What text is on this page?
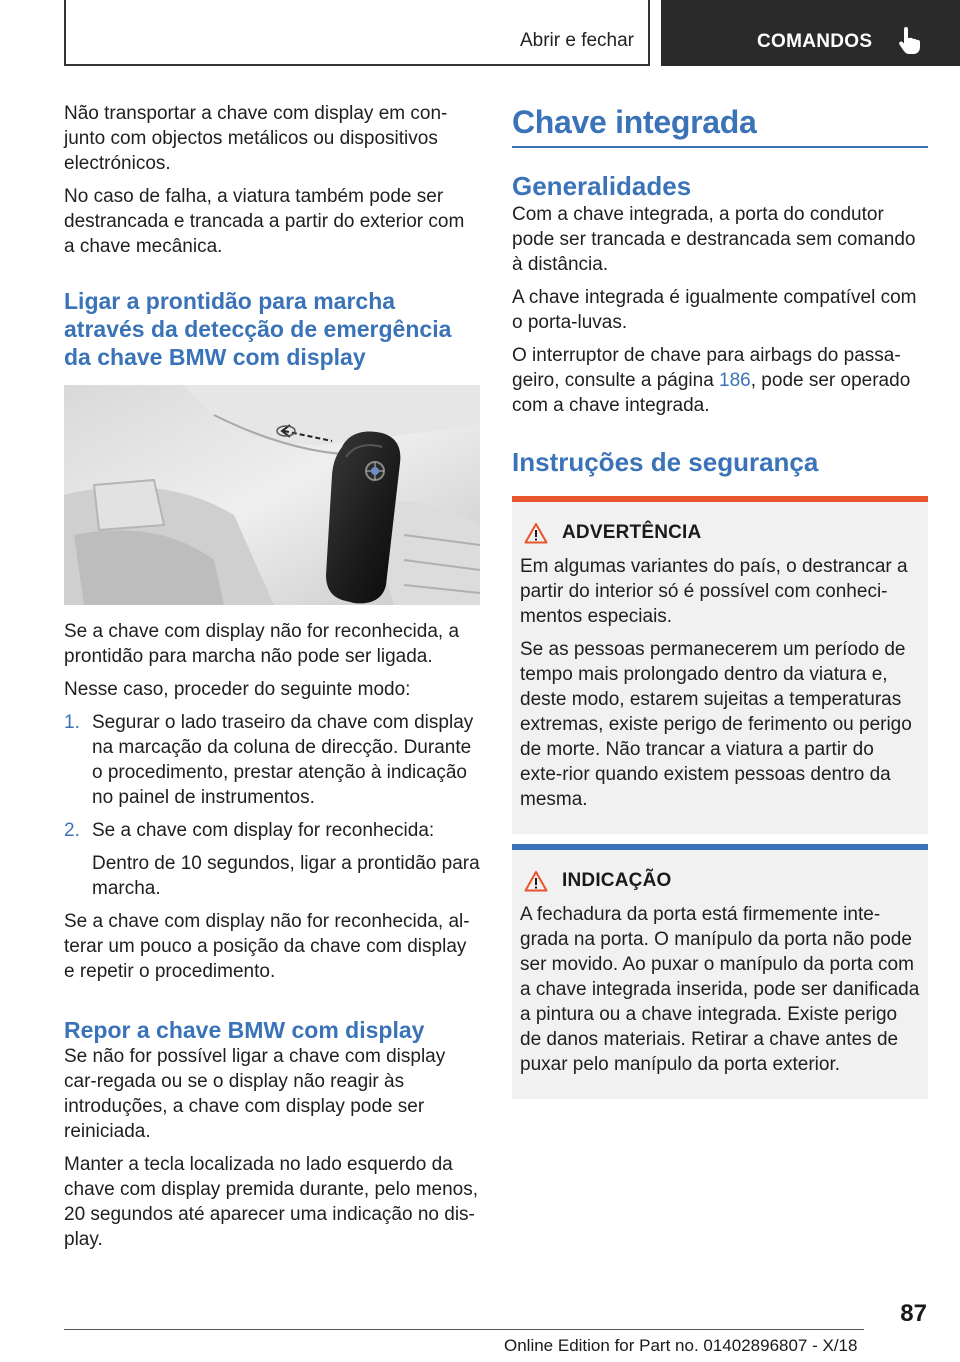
Abrir e fechar	COMANDOS

Não transportar a chave com display em con-junto com objectos metálicos ou dispositivos electrónicos.

No caso de falha, a viatura também pode ser destrancada e trancada a partir do exterior com a chave mecânica.

Ligar a prontidão para marcha através da detecção de emergência da chave BMW com display

Se a chave com display não for reconhecida, a prontidão para marcha não pode ser ligada.

Nesse caso, proceder do seguinte modo:

1. Segurar o lado traseiro da chave com display na marcação da coluna de direcção. Durante o procedimento, prestar atenção à indicação no painel de instrumentos.
2. Se a chave com display for reconhecida:

Dentro de 10 segundos, ligar a prontidão para marcha.

Se a chave com display não for reconhecida, al-terar um pouco a posição da chave com display e repetir o procedimento.

Repor a chave BMW com display

Se não for possível ligar a chave com display car-regada ou se o display não reagir às introduções, a chave com display pode ser reiniciada.

Manter a tecla localizada no lado esquerdo da chave com display premida durante, pelo menos, 20 segundos até aparecer uma indicação no dis-play.

Chave integrada
Generalidades

Com a chave integrada, a porta do condutor pode ser trancada e destrancada sem comando à distância.

A chave integrada é igualmente compatível com o porta-luvas.

O interruptor de chave para airbags do passa-geiro, consulte a página 186, pode ser operado com a chave integrada.

Instruções de segurança
ADVERTÊNCIA

Em algumas variantes do país, o destrancar a partir do interior só é possível com conheci-mentos especiais.

Se as pessoas permanecerem um período de tempo mais prolongado dentro da viatura e, deste modo, estarem sujeitas a temperaturas extremas, existe perigo de ferimento ou perigo de morte. Não trancar a viatura a partir do exte-rior quando existem pessoas dentro da mesma.

INDICAÇÃO

A fechadura da porta está firmemente inte-grada na porta. O manípulo da porta não pode ser movido. Ao puxar o manípulo da porta com a chave integrada inserida, pode ser danificada a pintura ou a chave integrada. Existe perigo de danos materiais. Retirar a chave antes de puxar pelo manípulo da porta exterior.

87
Online Edition for Part no. 01402896807 - X/18
